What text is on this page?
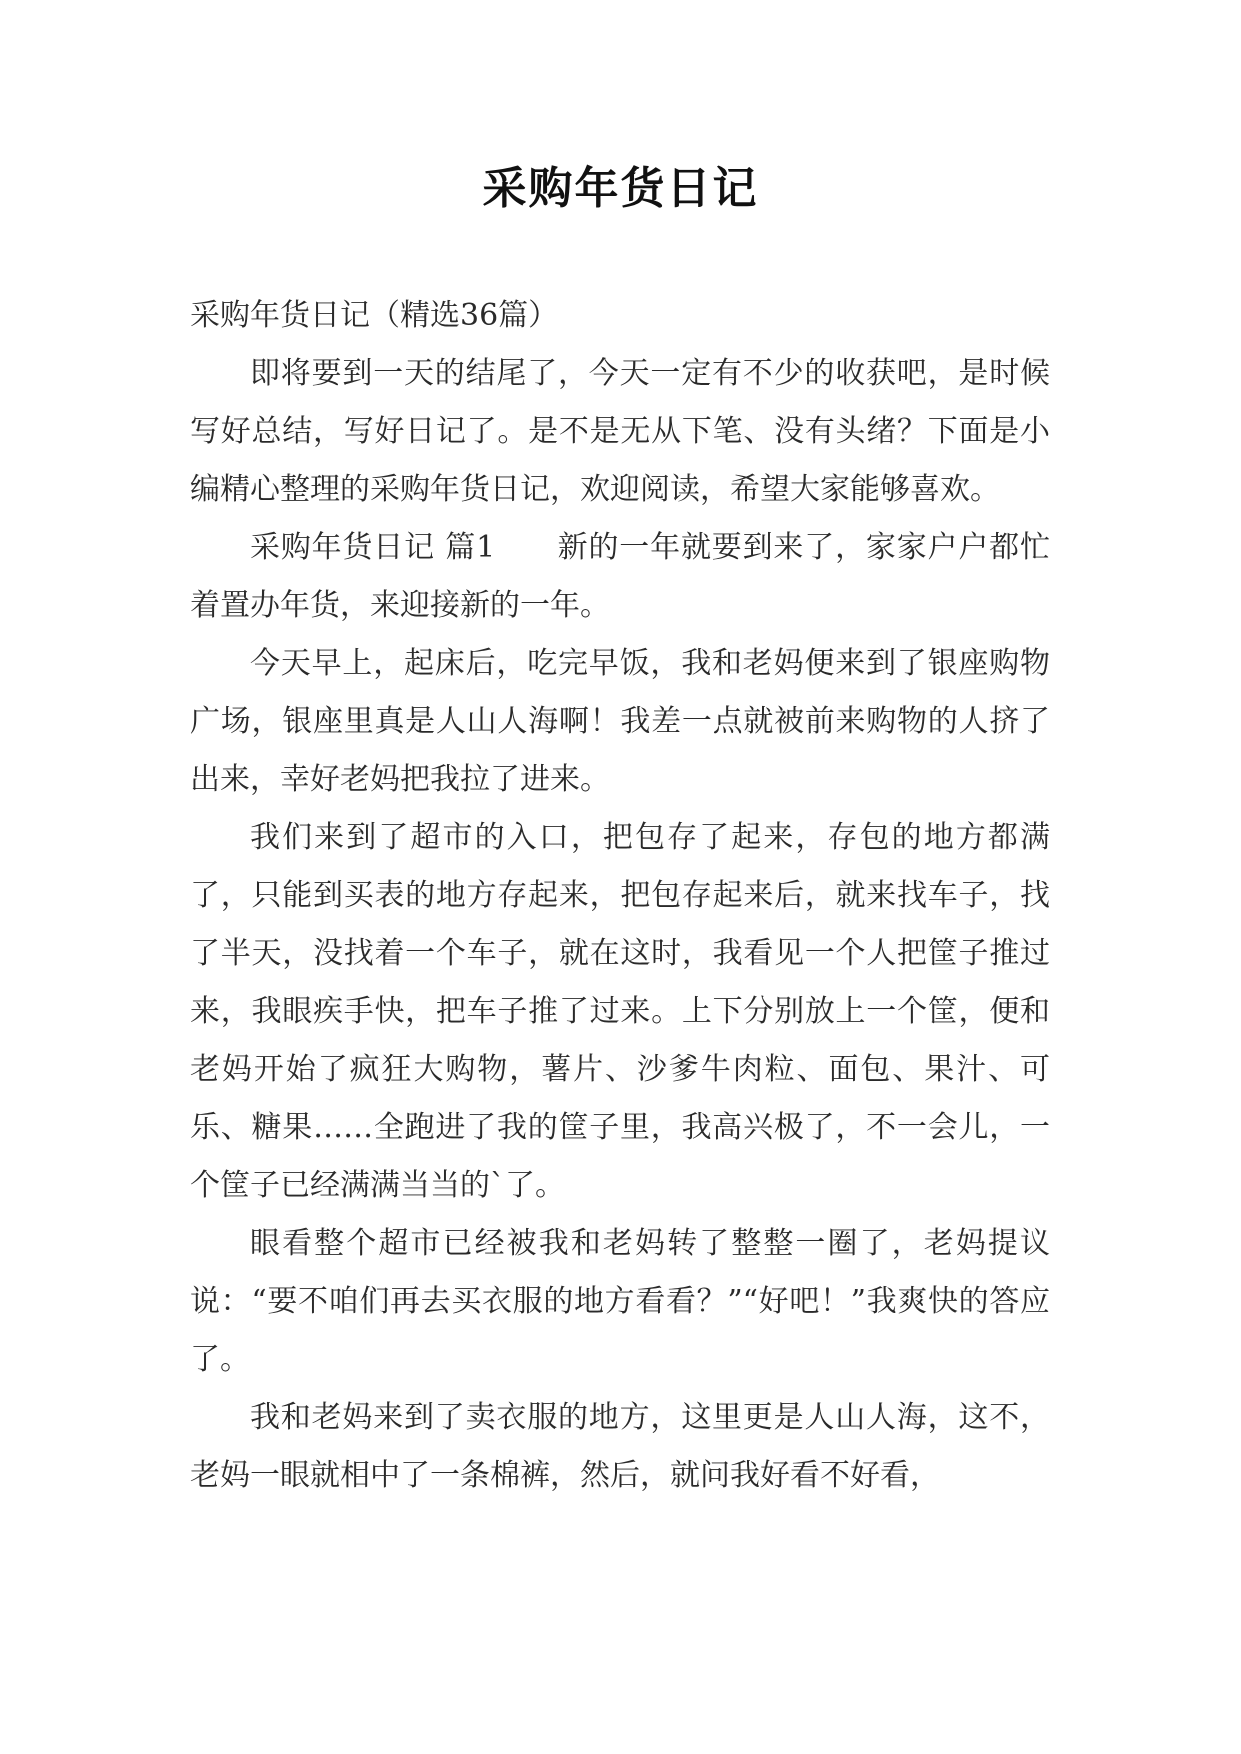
采购年货日记

采购年货日记（精选36篇）

即将要到一天的结尾了，今天一定有不少的收获吧，是时候写好总结，写好日记了。是不是无从下笔、没有头绪？下面是小编精心整理的采购年货日记，欢迎阅读，希望大家能够喜欢。

采购年货日记 篇1　　新的一年就要到来了，家家户户都忙着置办年货，来迎接新的一年。

今天早上，起床后，吃完早饭，我和老妈便来到了银座购物广场，银座里真是人山人海啊！我差一点就被前来购物的人挤了出来，幸好老妈把我拉了进来。

我们来到了超市的入口，把包存了起来，存包的地方都满了，只能到买表的地方存起来，把包存起来后，就来找车子，找了半天，没找着一个车子，就在这时，我看见一个人把筐子推过来，我眼疾手快，把车子推了过来。上下分别放上一个筐，便和老妈开始了疯狂大购物，薯片、沙爹牛肉粒、面包、果汁、可乐、糖果……全跑进了我的筐子里，我高兴极了，不一会儿，一个筐子已经满满当当的`了。

眼看整个超市已经被我和老妈转了整整一圈了，老妈提议说：“要不咱们再去买衣服的地方看看？”“好吧！”我爽快的答应了。

我和老妈来到了卖衣服的地方，这里更是人山人海，这不，老妈一眼就相中了一条棉裤，然后，就问我好看不好看，
